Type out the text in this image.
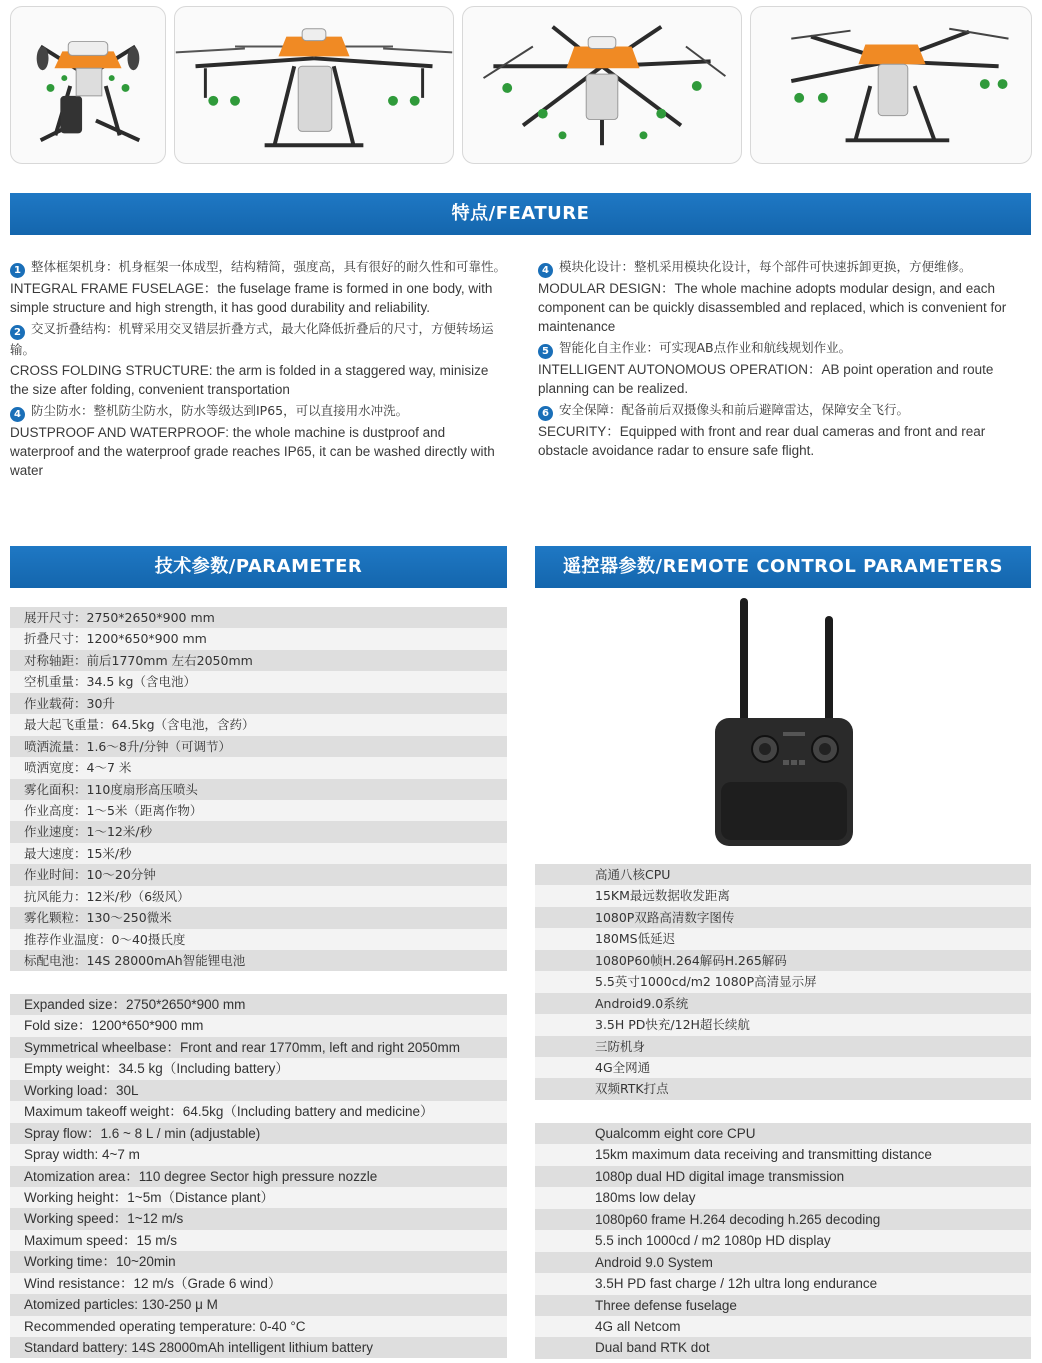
特点/FEATURE
1 整体框架机身：机身框架一体成型，结构精简，强度高，具有很好的耐久性和可靠性。
INTEGRAL FRAME FUSELAGE：the fuselage frame is formed in one body, with simple structure and high strength, it has good durability and reliability.
2 交叉折叠结构：机臂采用交叉错层折叠方式，最大化降低折叠后的尺寸，方便转场运输。
CROSS FOLDING STRUCTURE: the arm is folded in a staggered way, minisize the size after folding, convenient transportation
4 防尘防水：整机防尘防水，防水等级达到IP65，可以直接用水冲洗。
DUSTPROOF AND WATERPROOF: the whole machine is dustproof and waterproof and the waterproof grade reaches IP65, it can be washed directly with water
4 模块化设计：整机采用模块化设计，每个部件可快速拆卸更换，方便维修。
MODULAR DESIGN：The whole machine adopts modular design, and each component can be quickly disassembled and replaced, which is convenient for maintenance
5 智能化自主作业：可实现AB点作业和航线规划作业。
INTELLIGENT AUTONOMOUS OPERATION：AB point operation and route planning can be realized.
6 安全保障：配备前后双摄像头和前后避障雷达，保障安全飞行。
SECURITY：Equipped with front and rear dual cameras and front and rear obstacle avoidance radar to ensure safe flight.
技术参数/PARAMETER
展开尺寸：2750*2650*900 mm
折叠尺寸：1200*650*900 mm
对称轴距：前后1770mm 左右2050mm
空机重量：34.5 kg（含电池）
作业载荷：30升
最大起飞重量：64.5kg（含电池，含药）
喷洒流量：1.6～8升/分钟（可调节）
喷洒宽度：4～7 米
雾化面积：110度扇形高压喷头
作业高度：1～5米（距离作物）
作业速度：1～12米/秒
最大速度：15米/秒
作业时间：10～20分钟
抗风能力：12米/秒（6级风）
雾化颗粒：130～250微米
推荐作业温度：0～40摄氏度
标配电池：14S 28000mAh智能锂电池
Expanded size：2750*2650*900 mm
Fold size：1200*650*900 mm
Symmetrical wheelbase：Front and rear 1770mm, left and right 2050mm
Empty weight：34.5 kg（Including battery）
Working load：30L
Maximum takeoff weight：64.5kg（Including battery and medicine）
Spray flow：1.6 ~ 8 L / min (adjustable)
Spray width: 4~7 m
Atomization area：110 degree Sector high pressure nozzle
Working height：1~5m（Distance plant）
Working speed：1~12 m/s
Maximum speed：15 m/s
Working time：10~20min
Wind resistance：12 m/s（Grade 6 wind）
Atomized particles: 130-250 μ M
Recommended operating temperature: 0-40 °C
Standard battery: 14S 28000mAh intelligent lithium battery
遥控器参数/REMOTE CONTROL PARAMETERS
高通八核CPU
15KM最远数据收发距离
1080P双路高清数字图传
180MS低延迟
1080P60帧H.264解码H.265解码
5.5英寸1000cd/m2 1080P高清显示屏
Android9.0系统
3.5H PD快充/12H超长续航
三防机身
4G全网通
双频RTK打点
Qualcomm eight core CPU
15km maximum data receiving and transmitting distance
1080p dual HD digital image transmission
180ms low delay
1080p60 frame H.264 decoding h.265 decoding
5.5 inch 1000cd / m2 1080p HD display
Android 9.0 System
3.5H PD fast charge / 12h ultra long endurance
Three defense fuselage
4G all Netcom
Dual band RTK dot
